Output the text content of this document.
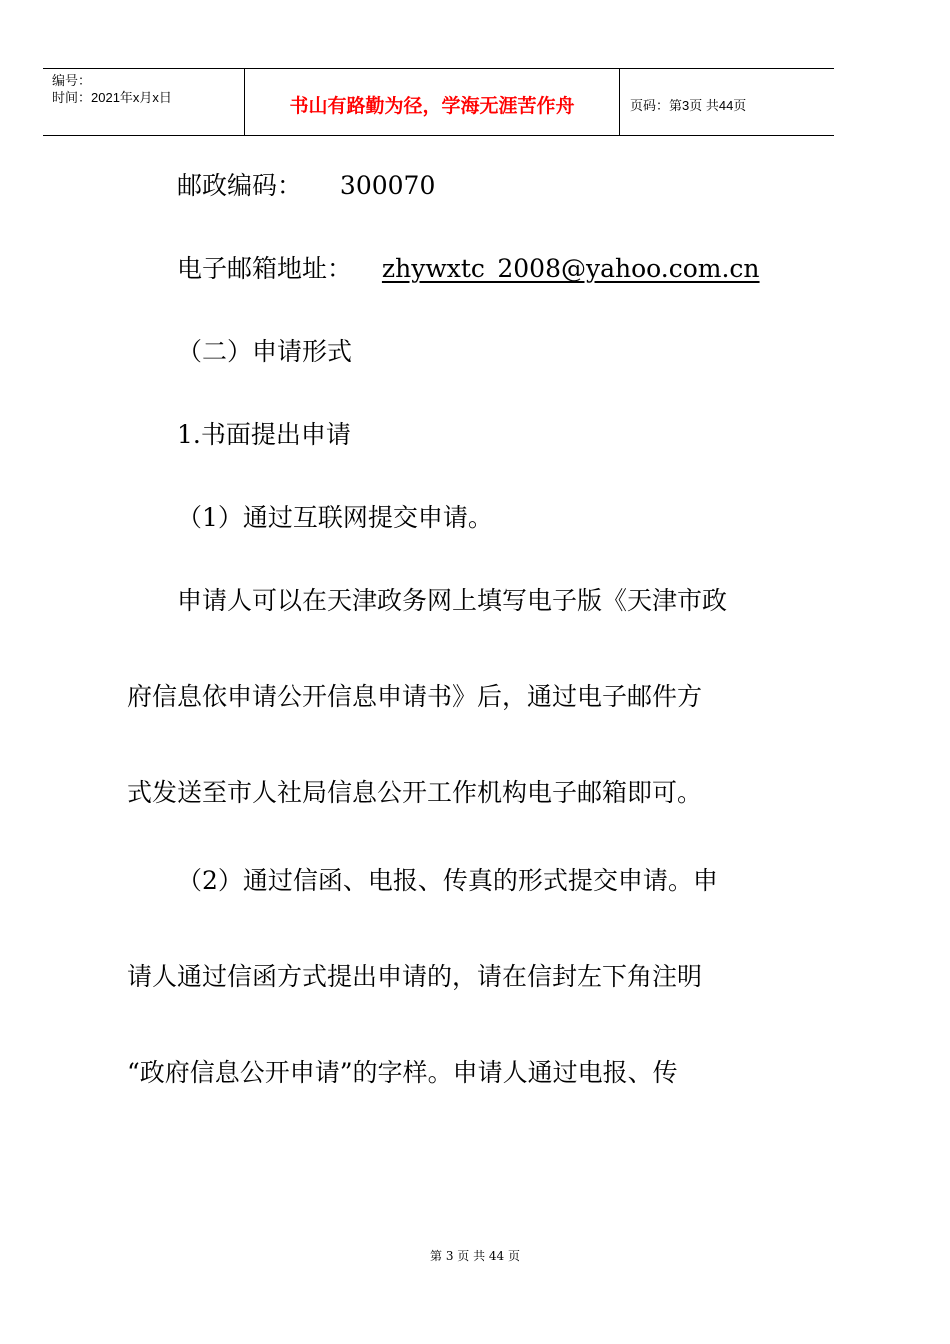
编号：
时间：2021年x月x日	书山有路勤为径，学海无涯苦作舟	页码：第3页 共44页
邮政编码： 300070
电子邮箱地址： zhywxtc_2008@yahoo.com.cn
（二）申请形式
1.书面提出申请
（1）通过互联网提交申请。
申请人可以在天津政务网上填写电子版《天津市政
府信息依申请公开信息申请书》后，通过电子邮件方
式发送至市人社局信息公开工作机构电子邮箱即可。
（2）通过信函、电报、传真的形式提交申请。申
请人通过信函方式提出申请的，请在信封左下角注明
“政府信息公开申请”的字样。申请人通过电报、传
第 3 页 共 44 页
